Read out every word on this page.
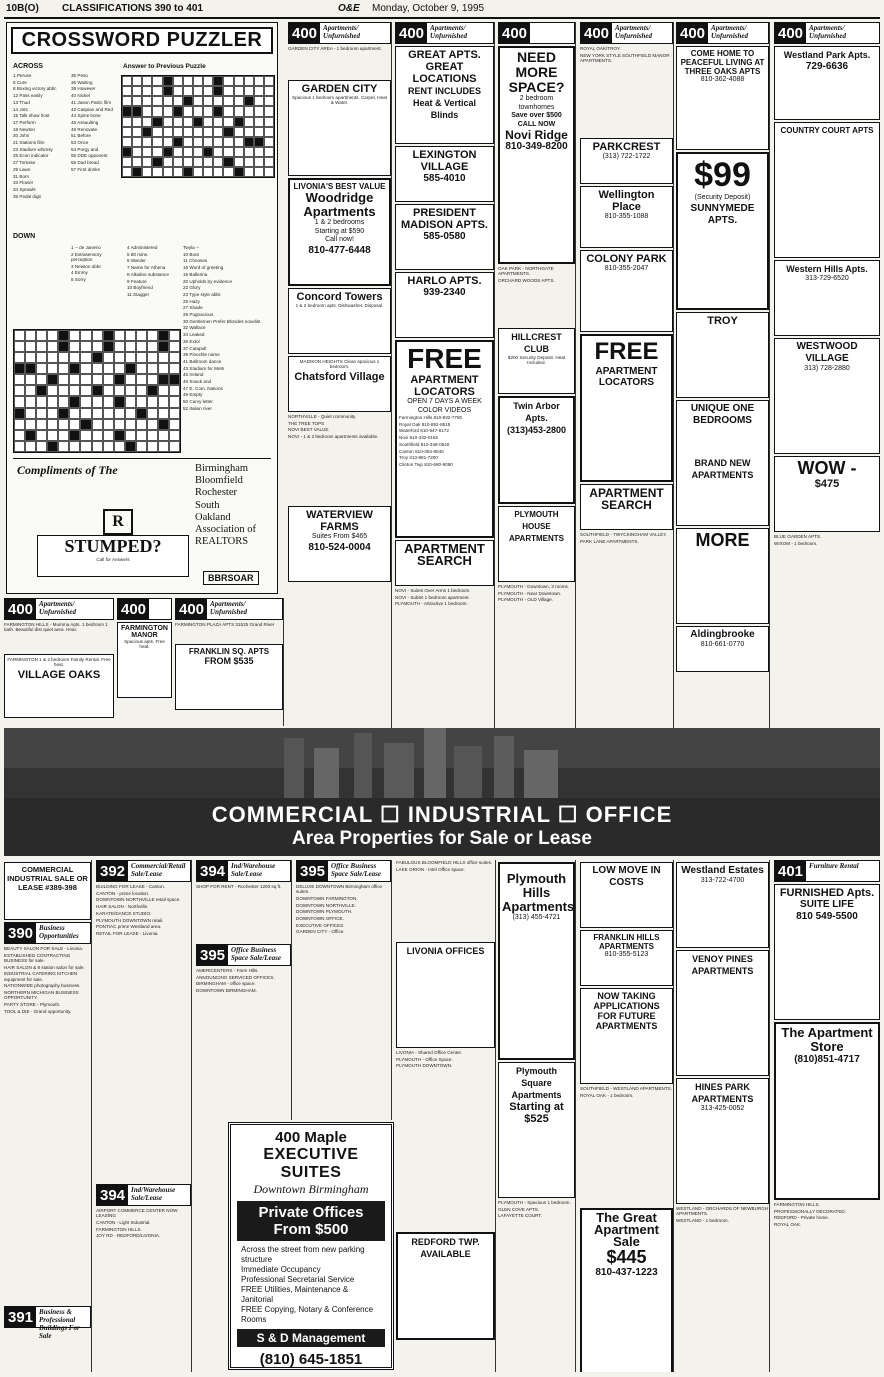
10B(O) CLASSIFICATIONS 390 to 401	O&E Monday, October 9, 1995
CROSSWORD PUZZLER
ACROSS

1 Peruse

5 Cure

8 Boxing victory abbr.

12 Pass easily

13 Thud

14 Jots

15 Talk show host

17 Perform

18 Newton

20 John

21 Stations film

23 Stadium whimsy

25 Econ indicator

27 Tortoise

29 Lawn

31 Born

33 Flower

34 Sprawls

35 Pedal digit

35 Peso

36 Waiting

38 However

40 Nickel

41 Jason Patric film

42 Caspian and Red

44 Spine bone

46 Assaulting

48 Renovate

51 Before

53 Once

54 Porgy and

55 DDE opponent

56 Dad bread

57 First drinks

Answer to Previous Puzzle
DOWN

1 -- de Janeiro

2 Extrasensory perception

3 Newton abbr.

4 Emmy

5 Sorry

4 Administered

5 80 mins.

6 Warder

7 Name for Athena

8 Alkaline substance

9 Feature

10 Boyfriend

11 Stagger

Twyla --

10 Boot

11 Chooses

16 Word of greeting

19 Ballerina

20 Upholds by evidence

22 Glory

23 Type style abbr.

25 Hazy

27 Shade

29 Pugnacious

30 Gentlemen Prefer Blondes novelist

32 Wallace

34 Leaked

36 Extol

37 Catapult

39 Pinochle name

41 Ballroom dance

43 Stadium for Mets

45 Ireland

46 Snack and

47 E. Com. Nations

49 Empty

50 Curvy letter

52 Italian river

Compliments of The
R
Birmingham
Bloomfield
Rochester
South
Oakland
Association of
REALTORS
STUMPED?
Call for Answers
BBRSOAR
400 Apartments/ Unfurnished

FARMINGTON HILLS - Mumma Apts. 1 bedroom 1 bath. Beautiful dist quiet area. Heat.

FARMINGTON 1 & 2 bedroom Family Rental. Free heat.

VILLAGE OAKS
400
FARMINGTON MANOR

Spacious apts. Free heat.

400 Apartments/ Unfurnished

FARMINGTON PLAZA APTS 31525 Grand River

FRANKLIN SQ. APTS
FROM $535
COMMERCIAL ☐ INDUSTRIAL ☐ OFFICE
Area Properties for Sale or Lease
COMMERCIAL INDUSTRIAL SALE OR LEASE #389-398
390 Business Opportunities

BEAUTY SALON FOR SALE - Livonia.

ESTABLISHED CONTRACTING BUSINESS for sale.

HAIR SALON & 8 station salon for sale.

INDUSTRIAL CATERING KITCHEN equipment for sale.

NATIONWIDE photography business.

NORTHERN MICHIGAN BUSINESS OPPORTUNITY.

PARTY STORE - Plymouth.

TOOL & DIE - Grand opportunity.

391 Business & Professional Buildings For Sale
392 Commercial/Retail Sale/Lease

BUILDING FOR LEASE - Canton.

CANTON - prime location.

DOWNTOWN NORTHVILLE retail space.

HAIR SALON - Northville.

KARATE/DANCE STUDIO.

PLYMOUTH DOWNTOWN retail.

PONTIAC prime Westland area.

RETAIL FOR LEASE - Livonia.

394 Ind/Warehouse Sale/Lease

AIRPORT COMMERCE CENTER NOW LEASING

CANTON - Light Industrial.

FARMINGTON HILLS.

JOY RD - REDFORD/LIVONIA.

394 Ind/Warehouse Sale/Lease

SHOP FOR RENT - Rochester 1200 sq ft.

395 Office Business Space Sale/Lease

AMERICENTERS - Farm Hills.

ANNOUNCING SERVICED OFFICES.

BIRMINGHAM - office space.

DOWNTOWN BIRMINGHAM.

395 Office Business Space Sale/Lease

DELUXE DOWNTOWN Birmingham office suites.

DOWNTOWN FARMINGTON.

DOWNTOWN NORTHVILLE.

DOWNTOWN PLYMOUTH.

DOWNTOWN OFFICE.

EXECUTIVE OFFICES.

GARDEN CITY - Office.

400 Maple
EXECUTIVE SUITES
Downtown Birmingham
Private Offices From $500
Across the street from new parking structure
Immediate Occupancy
Professional Secretarial Service
FREE Utilities, Maintenance & Janitorial
FREE Copying, Notary & Conference Rooms
S & D Management
(810) 645-1851
400 Apartments/ Unfurnished

GARDEN CITY AREA - 1 bedroom apartment.

GARDEN CITY

Spacious 1 bedroom apartments. Carpet, Heat & Water.

LIVONIA'S BEST VALUE
Woodridge Apartments
1 & 2 bedrooms
Starting at $590
Call now!
810-477-6448
Concord Towers

1 & 2 bedroom apts. Dishwasher. Disposal.

MADISON HEIGHTS Clean spacious 1 bedroom.

Chatsford Village

NORTHVILLE - Quiet community.

THE TREE TOPS

NOVI BEST VALUE.

NOVI - 1 & 2 bedroom apartments available.

WATERVIEW FARMS
Suites From $465
810-524-0004
400 Apartments/ Unfurnished
GREAT APTS. GREAT LOCATIONS
RENT INCLUDES Heat & Vertical Blinds
LEXINGTON VILLAGE
585-4010
PRESIDENT MADISON APTS.
585-0580
HARLO APTS.
939-2340
FREE
APARTMENT LOCATORS
OPEN 7 DAYS A WEEK COLOR VIDEOS

Farmington Hills 810-932-7780

Royal Oak 810-852-8515

Waterford 810-547-9172

Novi 810-332-0182

Southfield 810-348-0540

Canton 810-354-8040

Troy 313-981-7200

Clinton Twp 810-680-9090

APARTMENT SEARCH

NOVI - Suites Over Arms 1 bedroom.

NOVI - Sublet 1 bedroom apartment.

PLYMOUTH - Attractive 1 bedroom.

400
NEED MORE SPACE?
2 bedroom townhomes
Save over $500 CALL NOW
Novi Ridge
810-349-8200

OAK PARK - NORTHGATE APARTMENTS.

ORCHARD WOODS APTS.

HILLCREST CLUB

$200 Security Deposit. Heat Included.

Twin Arbor Apts.
(313)453-2800
PLYMOUTH HOUSE APARTMENTS

PLYMOUTH - Downtown, 3 rooms.

PLYMOUTH - Near Downtown.

PLYMOUTH - OLD Village.

400 Apartments/ Unfurnished

ROYAL OAK/TROY.

NEW YORK STYLE SOUTHFIELD MANOR APARTMENTS.

PARKCREST
(313) 722-1722
Wellington Place
810-355-1088
COLONY PARK
810-355-2047
FREE
APARTMENT LOCATORS
APARTMENT SEARCH

SOUTHFIELD - TWYCKINGHAM VALLEY.

PARK LANE APARTMENTS.

400 Apartments/ Unfurnished
COME HOME TO PEACEFUL LIVING AT THREE OAKS APTS
810-362-4088
$99
(Security Deposit)
SUNNYMEDE APTS.
TROY
UNIQUE ONE BEDROOMS
BRAND NEW APARTMENTS
MORE
Aldingbrooke
810-661-0770
400 Apartments/ Unfurnished
Westland Park Apts.
729-6636
COUNTRY COURT APTS
Western Hills Apts.
313-729-6520
WESTWOOD VILLAGE
313) 728-2880
WOW -
$475

BLUE GARDEN APTS.

WIXOM - 1 bedroom.

FABULOUS BLOOMFIELD HILLS office suites.

LAKE ORION - Intel Office space.

LIVONIA OFFICES

LIVONIA - Shared Office Center.

PLYMOUTH - Office Space.

PLYMOUTH DOWNTOWN.

REDFORD TWP.
AVAILABLE
Plymouth Hills Apartments
(313) 455-4721
Plymouth Square Apartments
Starting at $525

PLYMOUTH - Spacious 1 bedroom.

GLEN COVE APTS.

LAFAYETTE COURT.

LOW MOVE IN COSTS
FRANKLIN HILLS APARTMENTS
810-355-5123
NOW TAKING APPLICATIONS FOR FUTURE APARTMENTS

SOUTHFIELD - WESTLAND APARTMENTS.

ROYAL OAK - 1 bedroom.

The Great Apartment Sale
$445
810-437-1223
Westland Estates
313-722-4700
VENOY PINES APARTMENTS
HINES PARK APARTMENTS
313-425-0052

WESTLAND - ORCHARDS OF NEWBURGH APARTMENTS.

WESTLAND - 1 bedroom.

401 Furniture Rental
FURNISHED Apts.
SUITE LIFE
810 549-5500
The Apartment Store
(810)851-4717

FARMINGTON HILLS.

PROFESSIONALLY DECORATED.

REDFORD - Private home.

ROYAL OAK.
